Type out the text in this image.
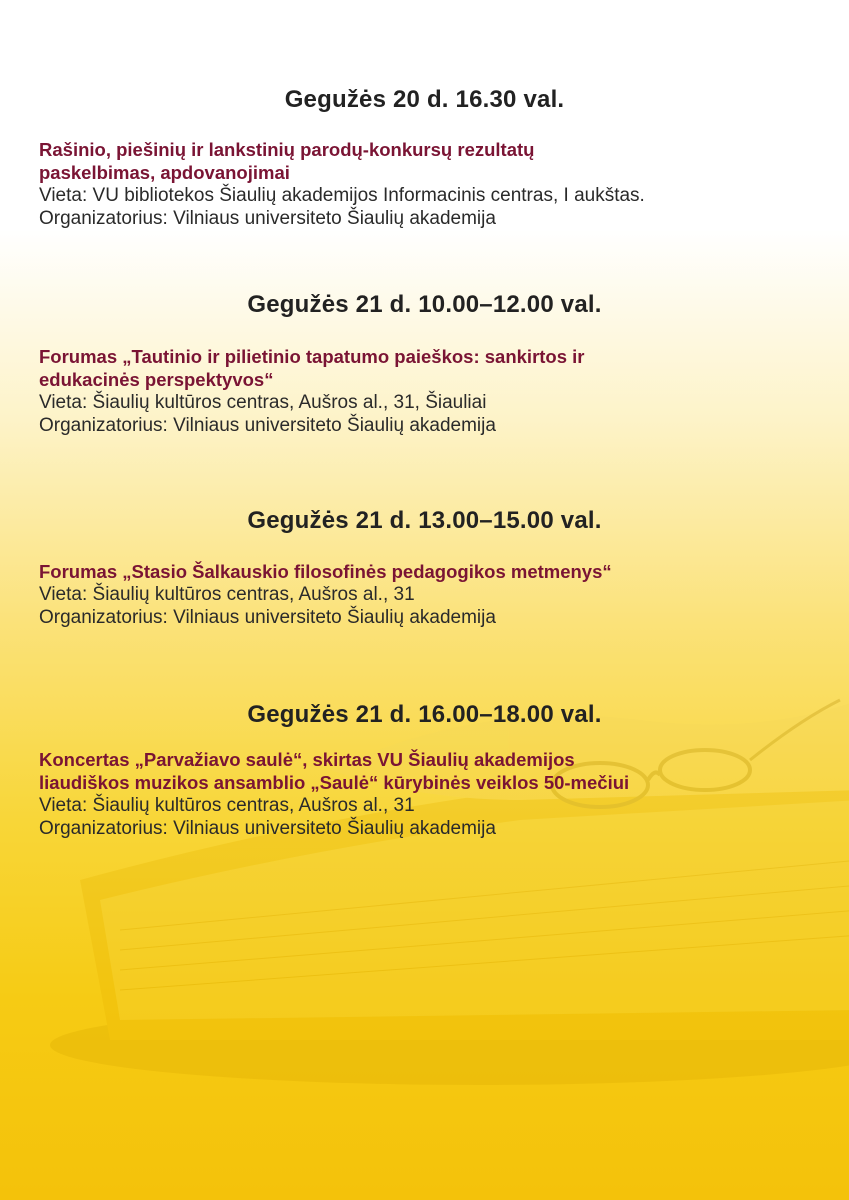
Gegužės 20 d. 16.30 val.
Rašinio, piešinių ir lankstinių parodų-konkursų rezultatų
paskelbimas, apdovanojimai
Vieta: VU bibliotekos Šiaulių akademijos Informacinis centras, I aukštas.
Organizatorius: Vilniaus universiteto Šiaulių akademija
Gegužės 21 d. 10.00–12.00 val.
Forumas „Tautinio ir pilietinio tapatumo paieškos: sankirtos ir
edukacinės perspektyvos“
Vieta: Šiaulių kultūros centras, Aušros al., 31, Šiauliai
Organizatorius: Vilniaus universiteto Šiaulių akademija
Gegužės 21 d. 13.00–15.00 val.
Forumas „Stasio Šalkauskio filosofinės pedagogikos metmenys“
Vieta: Šiaulių kultūros centras, Aušros al., 31
Organizatorius: Vilniaus universiteto Šiaulių akademija
Gegužės 21 d. 16.00–18.00 val.
Koncertas „Parvažiavo saulė“, skirtas VU Šiaulių akademijos
liaudiškos muzikos ansamblio „Saulė“ kūrybinės veiklos 50-mečiui
Vieta: Šiaulių kultūros centras, Aušros al., 31
Organizatorius: Vilniaus universiteto Šiaulių akademija
